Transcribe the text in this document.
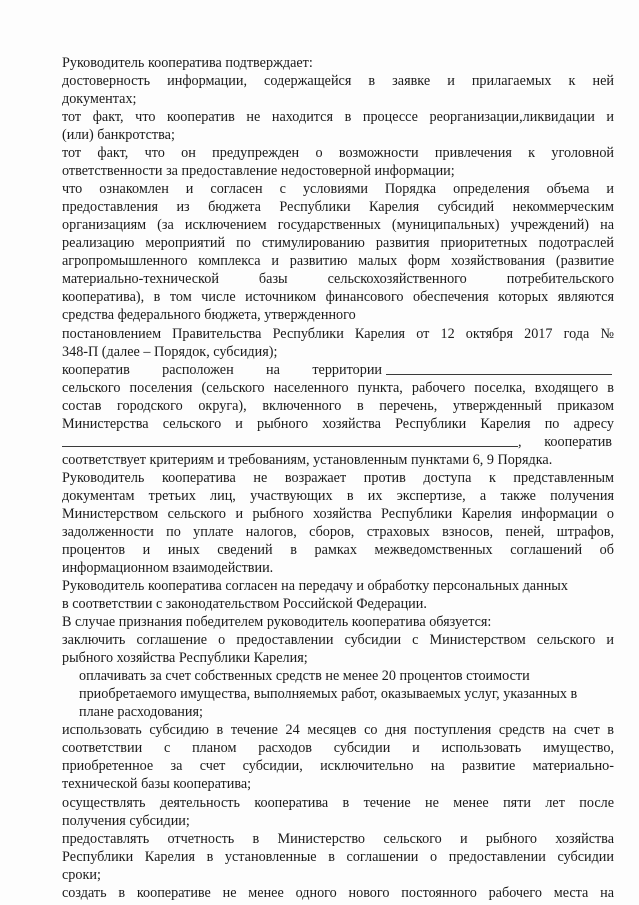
Руководитель кооператива подтверждает:

достоверность информации, содержащейся в заявке и прилагаемых к ней

документах;

тот факт, что кооператив не находится в процессе реорганизации,ликвидации и

(или) банкротства;

тот факт, что он предупрежден о возможности привлечения к уголовной

ответственности за предоставление недостоверной информации;

что ознакомлен и согласен с условиями Порядка определения объема и

предоставления из бюджета Республики Карелия субсидий некоммерческим

организациям (за исключением государственных (муниципальных) учреждений) на

реализацию мероприятий по стимулированию развития приоритетных подотраслей

агропромышленного комплекса и развитию малых форм хозяйствования (развитие

материально-технической базы сельскохозяйственного потребительского

кооператива), в том числе источником финансового обеспечения которых являются

средства федерального бюджета, утвержденного

постановлением Правительства Республики Карелия от 12 октября 2017 года №

348-П (далее – Порядок, субсидия);

кооператив расположен на территории

сельского поселения (сельского населенного пункта, рабочего поселка, входящего в

состав городского округа), включенного в перечень, утвержденный приказом

Министерства сельского и рыбного хозяйства Республики Карелия по адресу

, кооператив

соответствует критериям и требованиям, установленным пунктами 6, 9 Порядка.

Руководитель кооператива не возражает против доступа к представленным

документам третьих лиц, участвующих в их экспертизе, а также получения

Министерством сельского и рыбного хозяйства Республики Карелия информации о

задолженности по уплате налогов, сборов, страховых взносов, пеней, штрафов,

процентов и иных сведений в рамках межведомственных соглашений об

информационном взаимодействии.

Руководитель кооператива согласен на передачу и обработку персональных данных

в соответствии с законодательством Российской Федерации.

В случае признания победителем руководитель кооператива обязуется:

заключить соглашение о предоставлении субсидии с Министерством сельского и

рыбного хозяйства Республики Карелия;

оплачивать за счет собственных средств не менее 20 процентов стоимости

приобретаемого имущества, выполняемых работ, оказываемых услуг, указанных в

плане расходования;

использовать субсидию в течение 24 месяцев со дня поступления средств на счет в

соответствии с планом расходов субсидии и использовать имущество,

приобретенное за счет субсидии, исключительно на развитие материально-

технической базы кооператива;

осуществлять деятельность кооператива в течение не менее пяти лет после

получения субсидии;

предоставлять отчетность в Министерство сельского и рыбного хозяйства

Республики Карелия в установленные в соглашении о предоставлении субсидии

сроки;

создать в кооперативе не менее одного нового постоянного рабочего места на
